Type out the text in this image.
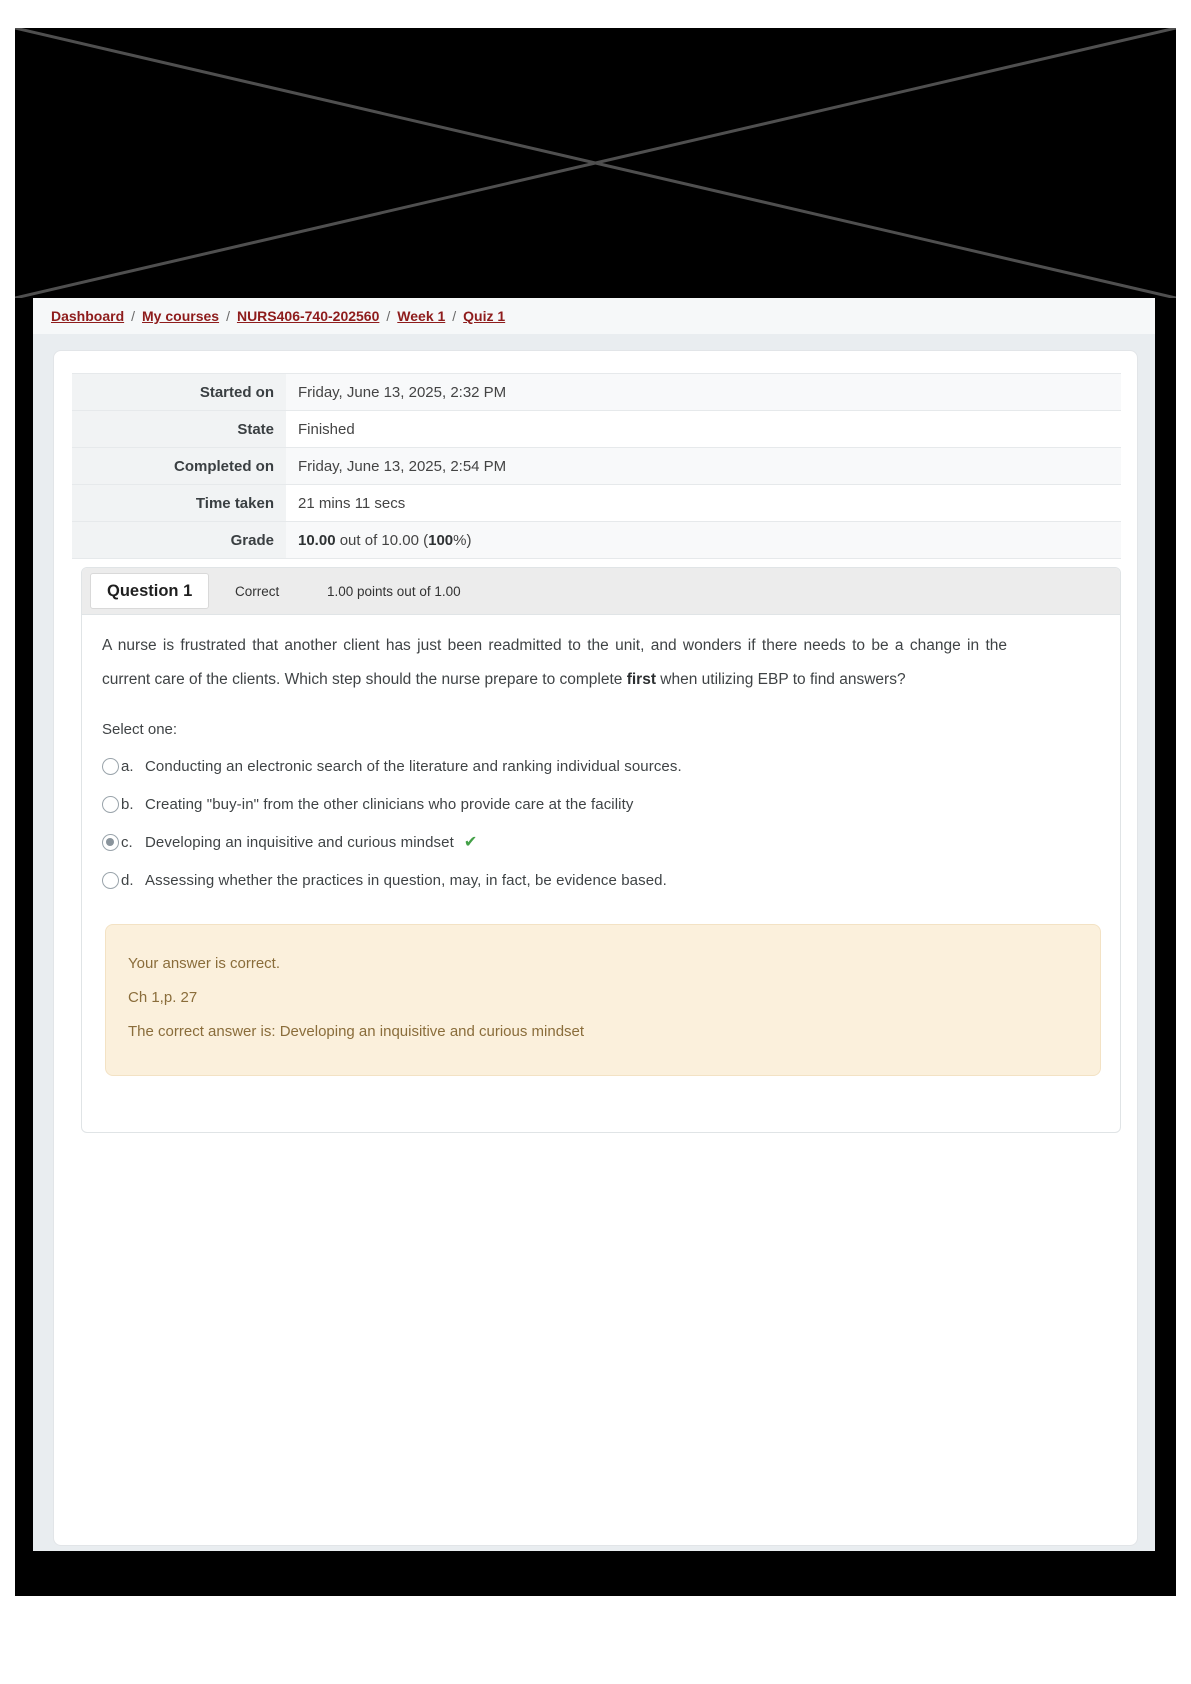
Dashboard / My courses / NURS406-740-202560 / Week 1 / Quiz 1
Started on	Friday, June 13, 2025, 2:32 PM
State	Finished
Completed on	Friday, June 13, 2025, 2:54 PM
Time taken	21 mins 11 secs
Grade	10.00 out of 10.00 (100%)
Question 1	Correct	1.00 points out of 1.00

A nurse is frustrated that another client has just been readmitted to the unit, and wonders if there needs to be a change in the current care of the clients. Which step should the nurse prepare to complete first when utilizing EBP to find answers?

Select one:
a. Conducting an electronic search of the literature and ranking individual sources.
b. Creating "buy-in" from the other clinicians who provide care at the facility
c. Developing an inquisitive and curious mindset ✔
d. Assessing whether the practices in question, may, in fact, be evidence based.

Your answer is correct.

Ch 1,p. 27

The correct answer is: Developing an inquisitive and curious mindset
